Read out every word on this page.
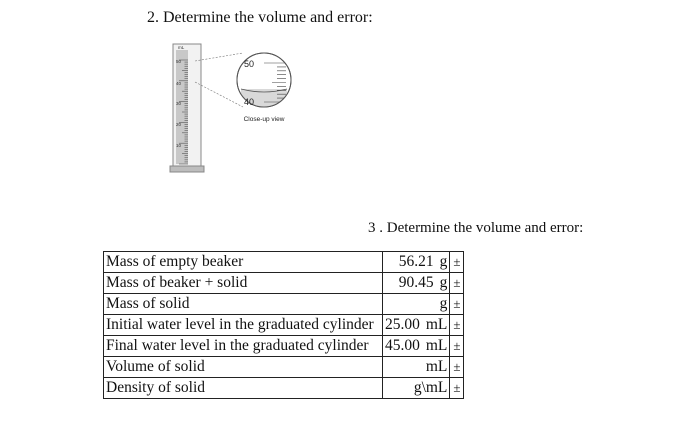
2. Determine the volume and error:
mL
50
40
30
20
10
50
40
Close-up view
3 . Determine the volume and error:
Mass of empty beaker	56.21 g	±
Mass of beaker + solid	90.45 g	±
Mass of solid	g	±
Initial water level in the graduated cylinder	25.00 mL	±
Final water level in the graduated cylinder	45.00 mL	±
Volume of solid	mL	±
Density of solid	g\mL	±
